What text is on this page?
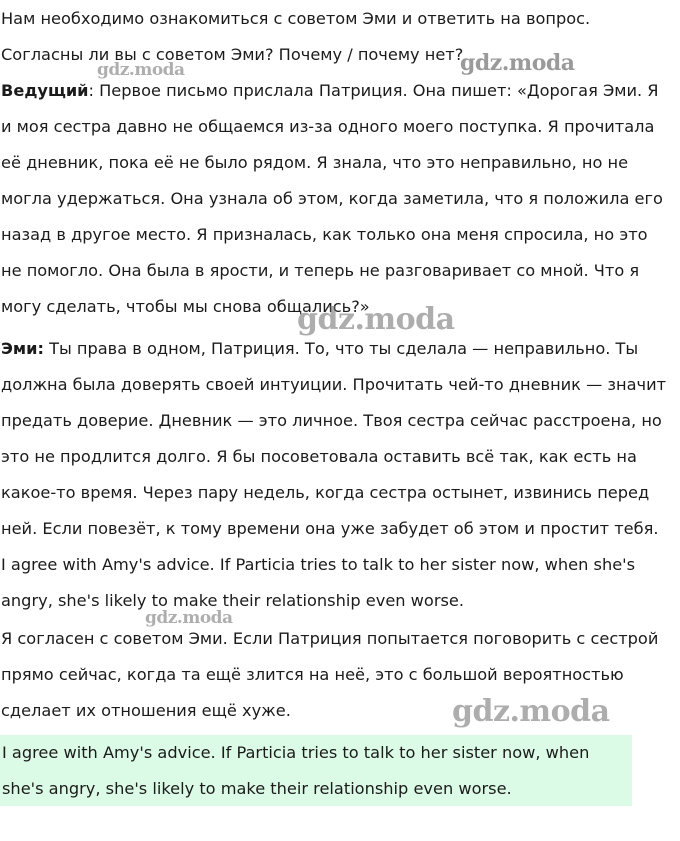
Нам необходимо ознакомиться с советом Эми и ответить на вопрос.

Согласны ли вы с советом Эми? Почему / почему нет?

Ведущий: Первое письмо прислала Патриция. Она пишет: «Дорогая Эми. Я и моя сестра давно не общаемся из-за одного моего поступка. Я прочитала её дневник, пока её не было рядом. Я знала, что это неправильно, но не могла удержаться. Она узнала об этом, когда заметила, что я положила его назад в другое место. Я призналась, как только она меня спросила, но это не помогло. Она была в ярости, и теперь не разговаривает со мной. Что я могу сделать, чтобы мы снова общались?»

Эми: Ты права в одном, Патриция. То, что ты сделала — неправильно. Ты должна была доверять своей интуиции. Прочитать чей-то дневник — значит предать доверие. Дневник — это личное. Твоя сестра сейчас расстроена, но это не продлится долго. Я бы посоветовала оставить всё так, как есть на какое-то время. Через пару недель, когда сестра остынет, извинись перед ней. Если повезёт, к тому времени она уже забудет об этом и простит тебя.

I agree with Amy's advice. If Particia tries to talk to her sister now, when she's angry, she's likely to make their relationship even worse.

Я согласен с советом Эми. Если Патриция попытается поговорить с сестрой прямо сейчас, когда та ещё злится на неё, это с большой вероятностью сделает их отношения ещё хуже.

I agree with Amy's advice. If Particia tries to talk to her sister now, when she's angry, she's likely to make their relationship even worse.

gdz.moda	gdz.moda
gdz.moda
gdz.moda
gdz.moda
